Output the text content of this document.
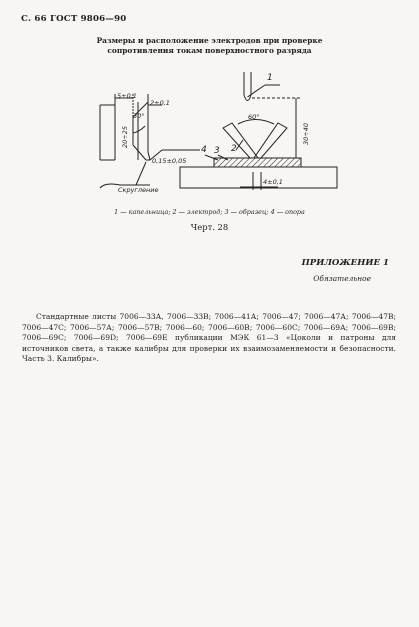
С. 66 ГОСТ 9806—90
Размеры и расположение электродов при проверке
сопротивления токам поверхностного разряда
5±0,1
2±0,1
20÷25
30°
0,15±0,05
Скругление
1
2
3
4
60°
30÷40
4±0,1
1 — капельница; 2 — электрод; 3 — образец; 4 — опора
Черт. 28
ПРИЛОЖЕНИЕ 1
Обязательное
Стандартные листы 7006—33А, 7006—33В; 7006—41А; 7006—47; 7006—47А; 7006—47В; 7006—47С; 7006—57А; 7006—57В; 7006—60; 7006—60В; 7006—60С; 7006—69А; 7006—69В; 7006—69С; 7006—69D; 7006—69Е публикации МЭК 61—3 «Цоколи и патроны для источников света, а также калибры для проверки их взаимозаменяемости и безопасности. Часть 3. Калибры».
